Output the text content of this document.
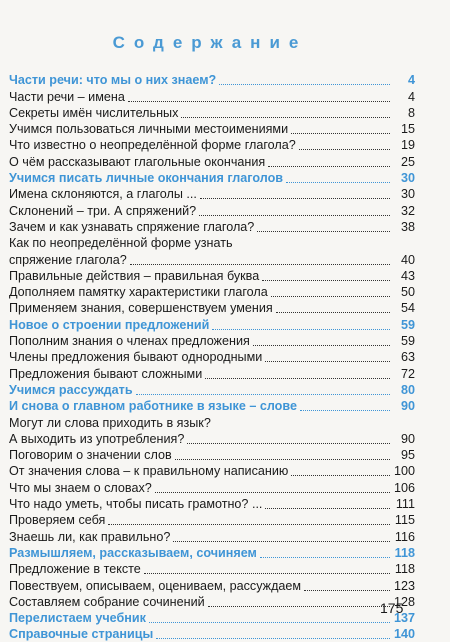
Содержание
Части речи: что мы о них знаем?	4
Части речи – имена	4
Секреты имён числительных	8
Учимся пользоваться личными местоимениями	15
Что известно о неопределённой форме глагола?	19
О чём рассказывают глагольные окончания	25
Учимся писать личные окончания глаголов	30
Имена склоняются, а глаголы ...	30
Склонений – три. А спряжений?	32
Зачем и как узнавать спряжение глагола?	38
Как по неопределённой форме узнать
спряжение глагола?	40
Правильные действия – правильная буква	43
Дополняем памятку характеристики глагола	50
Применяем знания, совершенствуем умения	54
Новое о строении предложений	59
Пополним знания о членах предложения	59
Члены предложения бывают однородными	63
Предложения бывают сложными	72
Учимся рассуждать	80
И снова о главном работнике в языке – слове	90
Могут ли слова приходить в язык?
А выходить из употребления?	90
Поговорим о значении слов	95
От значения слова – к правильному написанию	100
Что мы знаем о словах?	106
Что надо уметь, чтобы писать грамотно? ...	111
Проверяем себя	115
Знаешь ли, как правильно?	116
Размышляем, рассказываем, сочиняем	118
Предложение в тексте	118
Повествуем, описываем, оцениваем, рассуждаем	123
Составляем собрание сочинений	128
Перелистаем учебник	137
Справочные страницы	140
175
